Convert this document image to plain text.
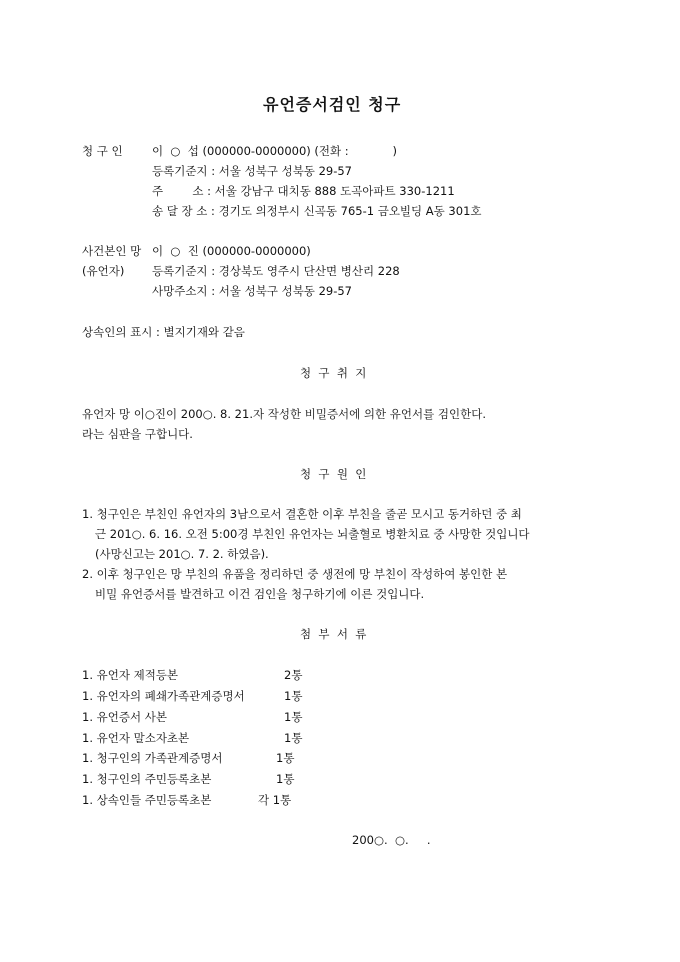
유언증서검인 청구
청 구 인	이  ○  섭 (000000-0000000) (전화 :            )
등록기준지 : 서울 성북구 성북동 29-57
주        소 : 서울 강남구 대치동 888 도곡아파트 330-1211
송 달 장 소 : 경기도 의정부시 신곡동 765-1 금오빌딩 A동 301호
사건본인 망 이  ○  진 (000000-0000000)
(유언자) 등록기준지 : 경상북도 영주시 단산면 병산리 228
사망주소지 : 서울 성북구 성북동 29-57
상속인의 표시 : 별지기재와 같음
청  구  취  지
유언자 망 이○진이 200○. 8. 21.자 작성한 비밀증서에 의한 유언서를 검인한다.
라는 심판을 구합니다.
청  구  원  인
1. 청구인은 부친인 유언자의 3남으로서 결혼한 이후 부친을 줄곧 모시고 동거하던 중 최
근 201○. 6. 16. 오전 5:00경 부친인 유언자는 뇌출혈로 병환치료 중 사망한 것입니다
(사망신고는 201○. 7. 2. 하였음).
2. 이후 청구인은 망 부친의 유품을 정리하던 중 생전에 망 부친이 작성하여 봉인한 본
비밀 유언증서를 발견하고 이건 검인을 청구하기에 이른 것입니다.
첨  부  서  류
1. 유언자 제적등본	2통
1. 유언자의 폐쇄가족관계증명서	1통
1. 유언증서 사본	1통
1. 유언자 말소자초본	1통
1. 청구인의 가족관계증명서	1통
1. 청구인의 주민등록초본	1통
1. 상속인들 주민등록초본	각 1통
200○.  ○.     .
